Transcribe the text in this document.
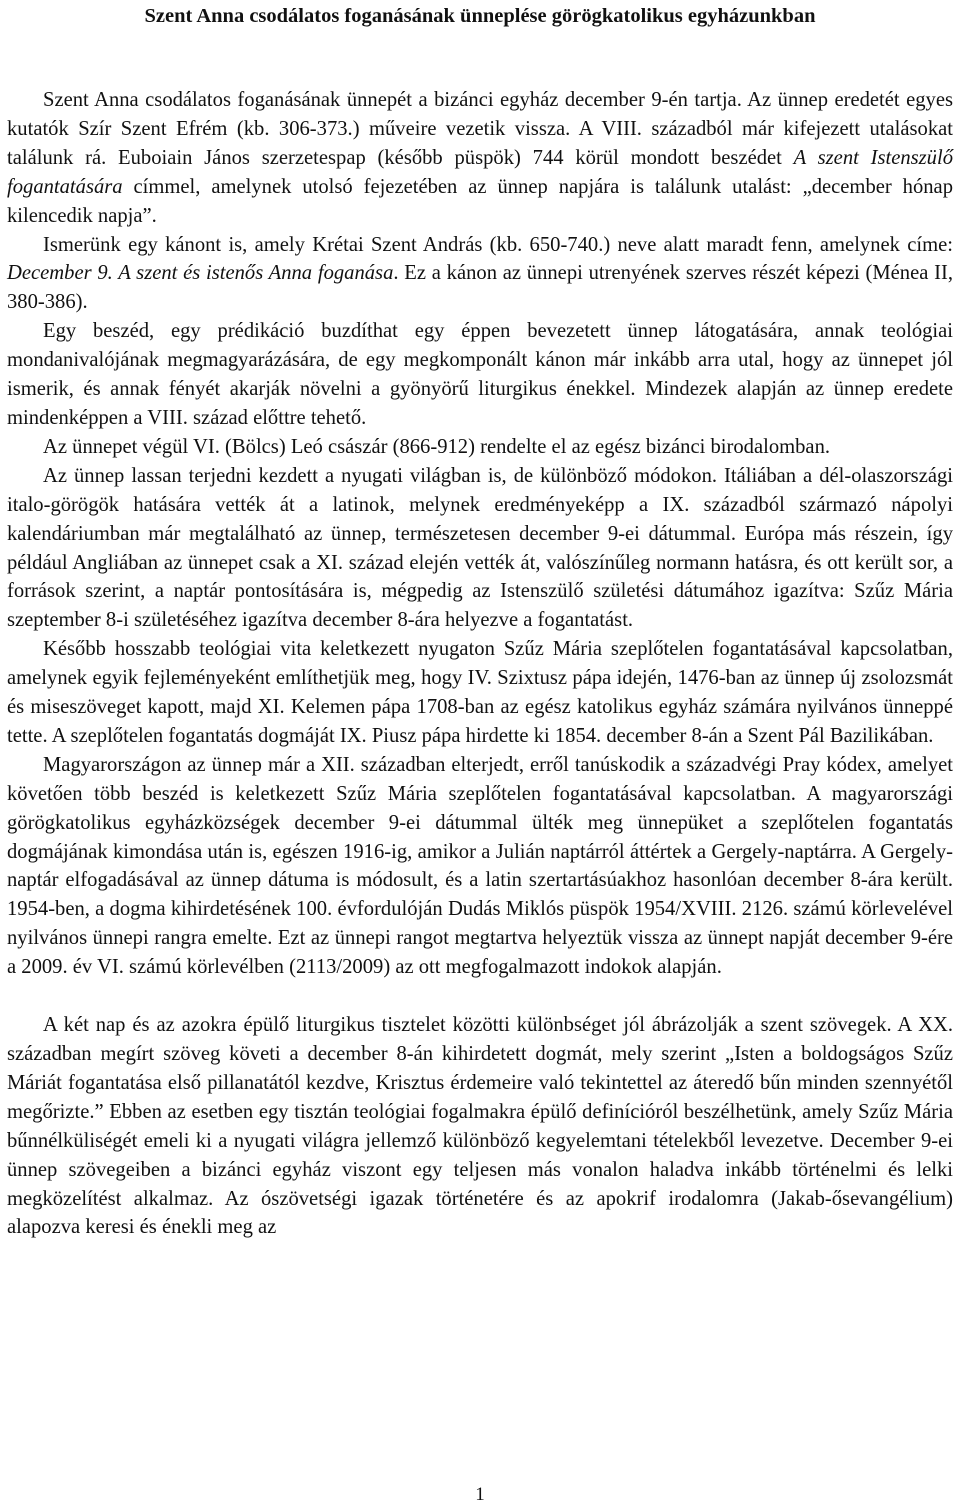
Szent Anna csodálatos foganásának ünneplése görögkatolikus egyházunkban

Szent Anna csodálatos foganásának ünnepét a bizánci egyház december 9-én tartja. Az ünnep eredetét egyes kutatók Szír Szent Efrém (kb. 306-373.) műveire vezetik vissza. A VIII. századból már kifejezett utalásokat találunk rá. Euboiain János szerzetespap (később püspök) 744 körül mondott beszédet A szent Istenszülő fogantatására címmel, amelynek utolsó fejezetében az ünnep napjára is találunk utalást: „december hónap kilencedik napja”.

Ismerünk egy kánont is, amely Krétai Szent András (kb. 650-740.) neve alatt maradt fenn, amelynek címe: December 9. A szent és istenős Anna foganása. Ez a kánon az ünnepi utrenyének szerves részét képezi (Ménea II, 380-386).

Egy beszéd, egy prédikáció buzdíthat egy éppen bevezetett ünnep látogatására, annak teológiai mondanivalójának megmagyarázására, de egy megkomponált kánon már inkább arra utal, hogy az ünnepet jól ismerik, és annak fényét akarják növelni a gyönyörű liturgikus énekkel. Mindezek alapján az ünnep eredete mindenképpen a VIII. század előttre tehető.

Az ünnepet végül VI. (Bölcs) Leó császár (866-912) rendelte el az egész bizánci birodalomban.

Az ünnep lassan terjedni kezdett a nyugati világban is, de különböző módokon. Itáliában a dél-olaszországi italo-görögök hatására vették át a latinok, melynek eredményeképp a IX. századból származó nápolyi kalendáriumban már megtalálható az ünnep, természetesen december 9-ei dátummal. Európa más részein, így például Angliában az ünnepet csak a XI. század elején vették át, valószínűleg normann hatásra, és ott került sor, a források szerint, a naptár pontosítására is, mégpedig az Istenszülő születési dátumához igazítva: Szűz Mária szeptember 8-i születéséhez igazítva december 8-ára helyezve a fogantatást.

Később hosszabb teológiai vita keletkezett nyugaton Szűz Mária szeplőtelen fogantatásával kapcsolatban, amelynek egyik fejleményeként említhetjük meg, hogy IV. Szixtusz pápa idején, 1476-ban az ünnep új zsolozsmát és miseszöveget kapott, majd XI. Kelemen pápa 1708-ban az egész katolikus egyház számára nyilvános ünneppé tette. A szeplőtelen fogantatás dogmáját IX. Piusz pápa hirdette ki 1854. december 8-án a Szent Pál Bazilikában.

Magyarországon az ünnep már a XII. században elterjedt, erről tanúskodik a századvégi Pray kódex, amelyet követően több beszéd is keletkezett Szűz Mária szeplőtelen fogantatásával kapcsolatban. A magyarországi görögkatolikus egyházközségek december 9-ei dátummal ülték meg ünnepüket a szeplőtelen fogantatás dogmájának kimondása után is, egészen 1916-ig, amikor a Julián naptárról áttértek a Gergely-naptárra. A Gergely-naptár elfogadásával az ünnep dátuma is módosult, és a latin szertartásúakhoz hasonlóan december 8-ára került. 1954-ben, a dogma kihirdetésének 100. évfordulóján Dudás Miklós püspök 1954/XVIII. 2126. számú körlevelével nyilvános ünnepi rangra emelte. Ezt az ünnepi rangot megtartva helyeztük vissza az ünnept napját december 9-ére a 2009. év VI. számú körlevélben (2113/2009) az ott megfogalmazott indokok alapján.

A két nap és az azokra épülő liturgikus tisztelet közötti különbséget jól ábrázolják a szent szövegek. A XX. században megírt szöveg követi a december 8-án kihirdetett dogmát, mely szerint „Isten a boldogságos Szűz Máriát fogantatása első pillanatától kezdve, Krisztus érdemeire való tekintettel az áteredő bűn minden szennyétől megőrizte.” Ebben az esetben egy tisztán teológiai fogalmakra épülő definícióról beszélhetünk, amely Szűz Mária bűnnélküliségét emeli ki a nyugati világra jellemző különböző kegyelemtani tételekből levezetve. December 9-ei ünnep szövegeiben a bizánci egyház viszont egy teljesen más vonalon haladva inkább történelmi és lelki megközelítést alkalmaz. Az ószövetségi igazak történetére és az apokrif irodalomra (Jakab-ősevangélium) alapozva keresi és énekli meg az

1
